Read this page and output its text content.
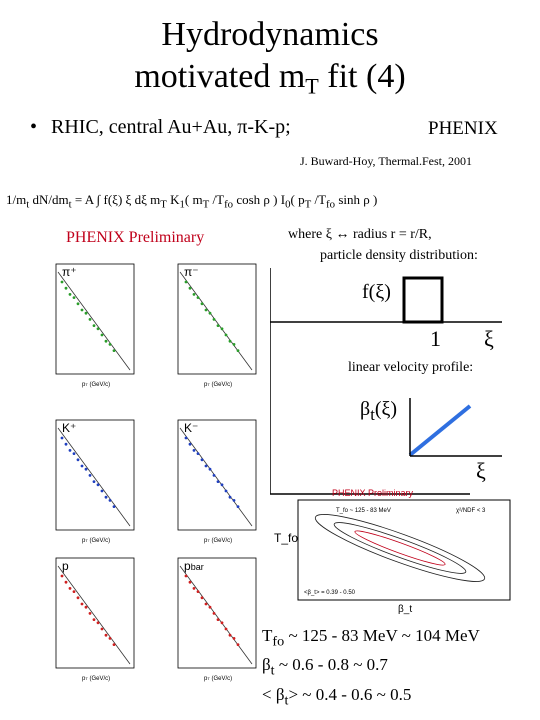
Hydrodynamics
motivated $m_T$ fit (4)
• RHIC, central Au+Au, π-K-p;	PHENIX
J. Buward-Hoy, Thermal.Fest, 2001
$1/m_t$ $dN/dm_t = A$ ∫ f(ξ) ξ dξ $m_T$ $K_1$( $m_T$ $/T_{fo}$ cosh ρ ) $I_0$( $p_T$ $/T_{fo}$ sinh ρ )
PHENIX Preliminary	where ξ ↔ radius r = r/R,
particle density distribution:
f(ξ)
1 ξ
linear velocity profile:
$\beta_t(\xi)$
ξ
π⁺
pT (GeV/c)
π⁻
pT (GeV/c)
K⁺
pT (GeV/c)
K⁻
pT (GeV/c)
p
pT (GeV/c)
pbar
pT (GeV/c)
PHENIX Preliminary
T_fo ~ 125 - 83 MeV	χ²/NDF < 3
<β_t> = 0.39 - 0.50
T_fo
β_t
$T_{fo}$ ~ 125 - 83 MeV ~ 104 MeV
$\beta_t$ ~ 0.6 - 0.8 ~ 0.7
< $\beta_t>$ ~ 0.4 - 0.6 ~ 0.5
